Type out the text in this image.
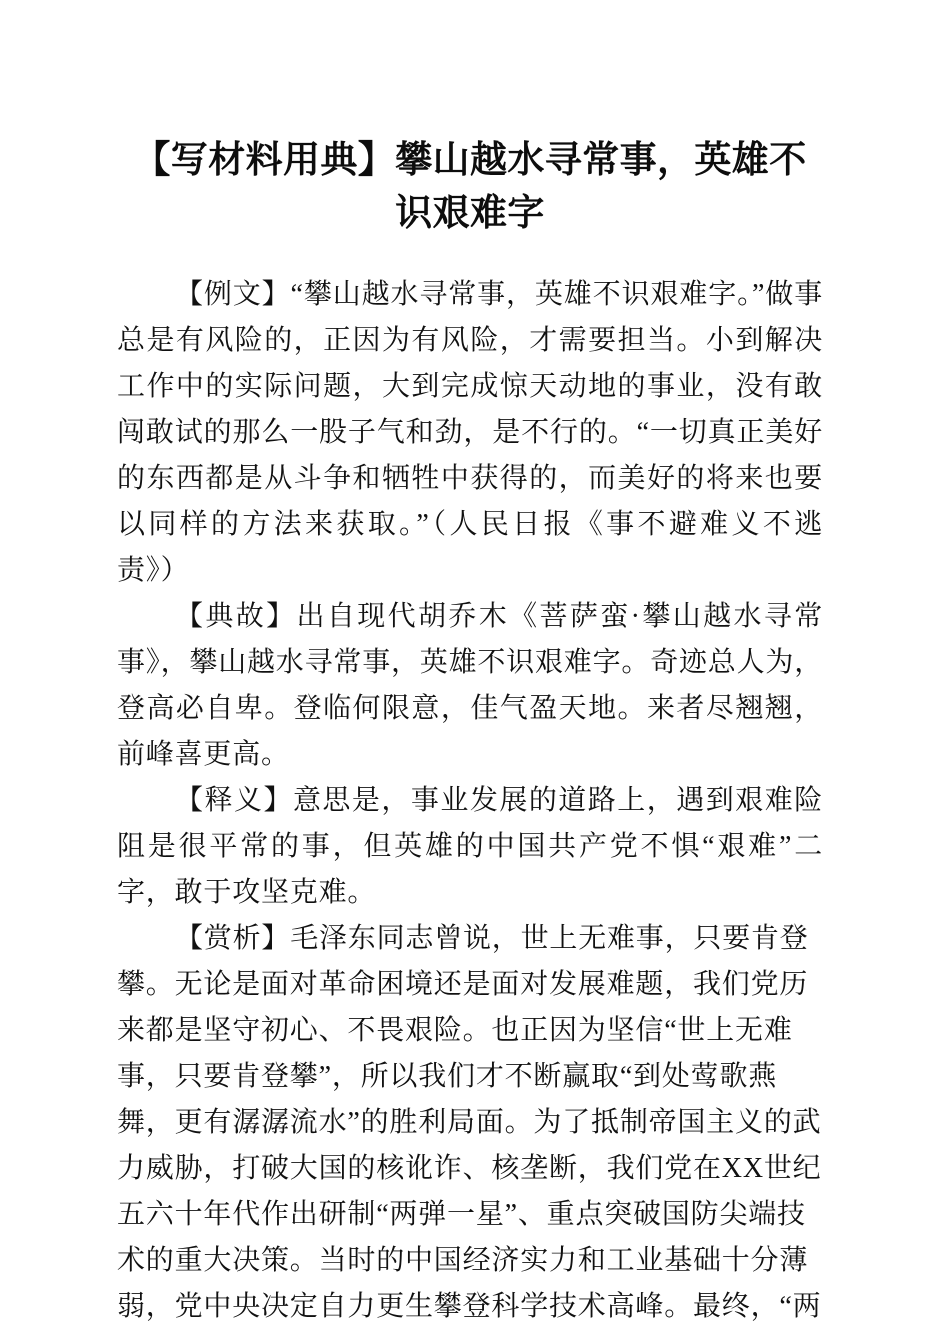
【写材料用典】攀山越水寻常事，英雄不识艰难字

【例文】“攀山越水寻常事，英雄不识艰难字。”做事总是有风险的，正因为有风险，才需要担当。小到解决工作中的实际问题，大到完成惊天动地的事业，没有敢闯敢试的那么一股子气和劲，是不行的。“一切真正美好的东西都是从斗争和牺牲中获得的，而美好的将来也要以同样的方法来获取。”（人民日报《事不避难义不逃责》）

【典故】出自现代胡乔木《菩萨蛮·攀山越水寻常事》，攀山越水寻常事，英雄不识艰难字。奇迹总人为，登高必自卑。登临何限意，佳气盈天地。来者尽翘翘，前峰喜更高。

【释义】意思是，事业发展的道路上，遇到艰难险阻是很平常的事，但英雄的中国共产党不惧“艰难”二字，敢于攻坚克难。

【赏析】毛泽东同志曾说，世上无难事，只要肯登攀。无论是面对革命困境还是面对发展难题，我们党历来都是坚守初心、不畏艰险。也正因为坚信“世上无难事，只要肯登攀”，所以我们才不断赢取“到处莺歌燕舞，更有潺潺流水”的胜利局面。为了抵制帝国主义的武力威胁，打破大国的核讹诈、核垄断，我们党在XX世纪五六十年代作出研制“两弹一星”、重点突破国防尖端技术的重大决策。当时的中国经济实力和工业基础十分薄弱，党中央决定自力更生攀登科学技术高峰。最终，“两
